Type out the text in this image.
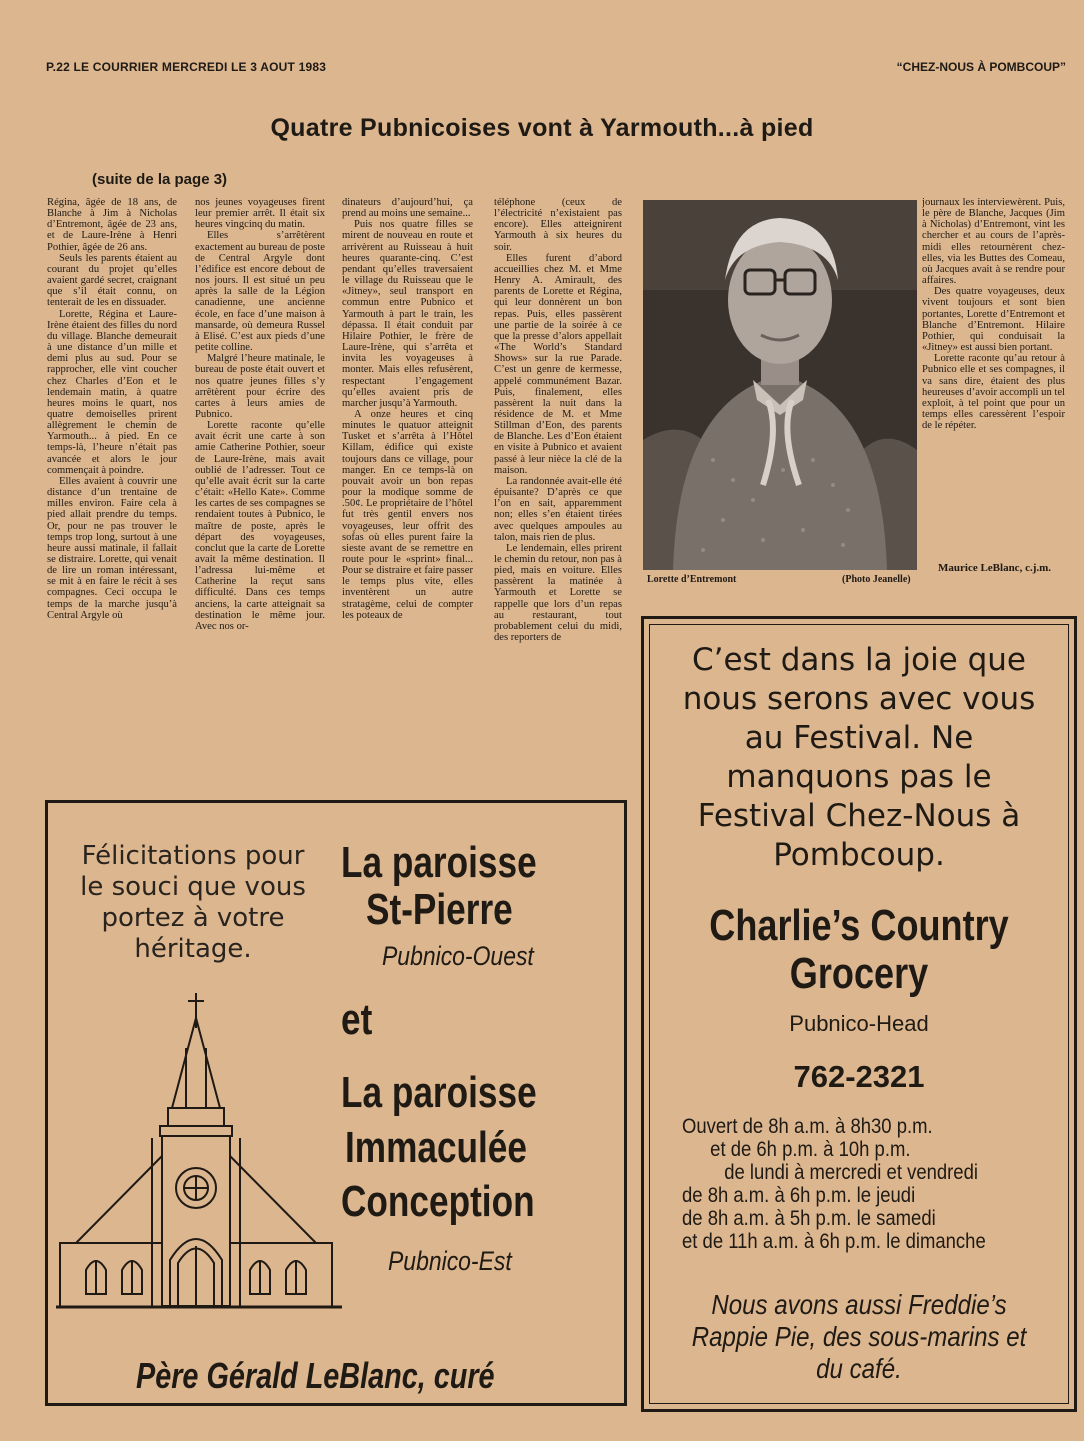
P.22 LE COURRIER MERCREDI LE 3 AOUT 1983	“CHEZ-NOUS À POMBCOUP”
Quatre Pubnicoises vont à Yarmouth...à pied
(suite de la page 3)

Régina, âgée de 18 ans, de Blanche à Jim à Nicholas d’Entremont, âgée de 23 ans, et de Laure-Irène à Henri Pothier, âgée de 26 ans.

Seuls les parents étaient au courant du projet qu’elles avaient gardé secret, craignant que s’il était connu, on tenterait de les en dissuader.

Lorette, Régina et Laure-Irène étaient des filles du nord du village. Blanche demeurait à une distance d’un mille et demi plus au sud. Pour se rapprocher, elle vint coucher chez Charles d’Eon et le lendemain matin, à quatre heures moins le quart, nos quatre demoiselles prirent allègrement le chemin de Yarmouth... à pied. En ce temps-là, l’heure n’était pas avancée et alors le jour commençait à poindre.

Elles avaient à couvrir une distance d’un trentaine de milles environ. Faire cela à pied allait prendre du temps. Or, pour ne pas trouver le temps trop long, surtout à une heure aussi matinale, il fallait se distraire. Lorette, qui venait de lire un roman intéressant, se mit à en faire le récit à ses compagnes. Ceci occupa le temps de la marche jusqu’à Central Argyle où

nos jeunes voyageuses firent leur premier arrêt. Il était six heures vingcinq du matin.

Elles s’arrêtèrent exactement au bureau de poste de Central Argyle dont l’édifice est encore debout de nos jours. Il est situé un peu après la salle de la Légion canadienne, une ancienne école, en face d’une maison à mansarde, où demeura Russel à Elisé. C’est aux pieds d’une petite colline.

Malgré l’heure matinale, le bureau de poste était ouvert et nos quatre jeunes filles s’y arrêtèrent pour écrire des cartes à leurs amies de Pubnico.

Lorette raconte qu’elle avait écrit une carte à son amie Catherine Pothier, soeur de Laure-Irène, mais avait oublié de l’adresser. Tout ce qu’elle avait écrit sur la carte c’était: «Hello Kate». Comme les cartes de ses compagnes se rendaient toutes à Pubnico, le maître de poste, après le départ des voyageuses, conclut que la carte de Lorette avait la même destination. Il l’adressa lui-même et Catherine la reçut sans difficulté. Dans ces temps anciens, la carte atteignait sa destination le même jour. Avec nos or-

dinateurs d’aujourd’hui, ça prend au moins une semaine...

Puis nos quatre filles se mirent de nouveau en route et arrivèrent au Ruisseau à huit heures quarante-cinq. C’est pendant qu’elles traversaient le village du Ruisseau que le «Jitney», seul transport en commun entre Pubnico et Yarmouth à part le train, les dépassa. Il était conduit par Hilaire Pothier, le frère de Laure-Irène, qui s’arrêta et invita les voyageuses à monter. Mais elles refusèrent, respectant l’engagement qu’elles avaient pris de marcher jusqu’à Yarmouth.

A onze heures et cinq minutes le quatuor atteignit Tusket et s’arrêta à l’Hôtel Killam, édifice qui existe toujours dans ce village, pour manger. En ce temps-là on pouvait avoir un bon repas pour la modique somme de .50¢. Le propriétaire de l’hôtel fut très gentil envers nos voyageuses, leur offrit des sofas où elles purent faire la sieste avant de se remettre en route pour le «sprint» final... Pour se distraire et faire passer le temps plus vite, elles inventèrent un autre stratagème, celui de compter les poteaux de

téléphone (ceux de l’électricité n’existaient pas encore). Elles atteignirent Yarmouth à six heures du soir.

Elles furent d’abord accueillies chez M. et Mme Henry A. Amirault, des parents de Lorette et Régina, qui leur donnèrent un bon repas. Puis, elles passèrent une partie de la soirée à ce que la presse d’alors appellait «The World’s Standard Shows» sur la rue Parade. C’est un genre de kermesse, appelé communément Bazar. Puis, finalement, elles passèrent la nuit dans la résidence de M. et Mme Stillman d’Eon, des parents de Blanche. Les d’Eon étaient en visite à Pubnico et avaient passé à leur nièce la clé de la maison.

La randonnée avait-elle été épuisante? D’après ce que l’on en sait, apparemment non; elles s’en étaient tirées avec quelques ampoules au talon, mais rien de plus.

Le lendemain, elles prirent le chemin du retour, non pas à pied, mais en voiture. Elles passèrent la matinée à Yarmouth et Lorette se rappelle que lors d’un repas au restaurant, tout probablement celui du midi, des reporters de

Lorette d’Entremont	(Photo Jeanelle)

journaux les interviewèrent. Puis, le père de Blanche, Jacques (Jim à Nicholas) d’Entremont, vint les chercher et au cours de l’après-midi elles retournèrent chez-elles, via les Buttes des Comeau, où Jacques avait à se rendre pour affaires.

Des quatre voyageuses, deux vivent toujours et sont bien portantes, Lorette d’Entremont et Blanche d’Entremont. Hilaire Pothier, qui conduisait la «Jitney» est aussi bien portant.

Lorette raconte qu’au retour à Pubnico elle et ses compagnes, il va sans dire, étaient des plus heureuses d’avoir accompli un tel exploit, à tel point que pour un temps elles caressèrent l’espoir de le répéter.

Maurice LeBlanc, c.j.m.
Félicitations pour
le souci que vous
portez à votre
héritage.
La paroisse
St-Pierre
Pubnico-Ouest
et
La paroisse
Immaculée
Conception
Pubnico-Est
Père Gérald LeBlanc, curé
C’est dans la joie que
nous serons avec vous
au Festival. Ne
manquons pas le
Festival Chez-Nous à
Pombcoup.
Charlie’s Country
Grocery
Pubnico-Head
762-2321
Ouvert de 8h a.m. à 8h30 p.m.
et de 6h p.m. à 10h p.m.
de lundi à mercredi et vendredi
de 8h a.m. à 6h p.m. le jeudi
de 8h a.m. à 5h p.m. le samedi
et de 11h a.m. à 6h p.m. le dimanche
Nous avons aussi Freddie’s
Rappie Pie, des sous-marins et
du café.
